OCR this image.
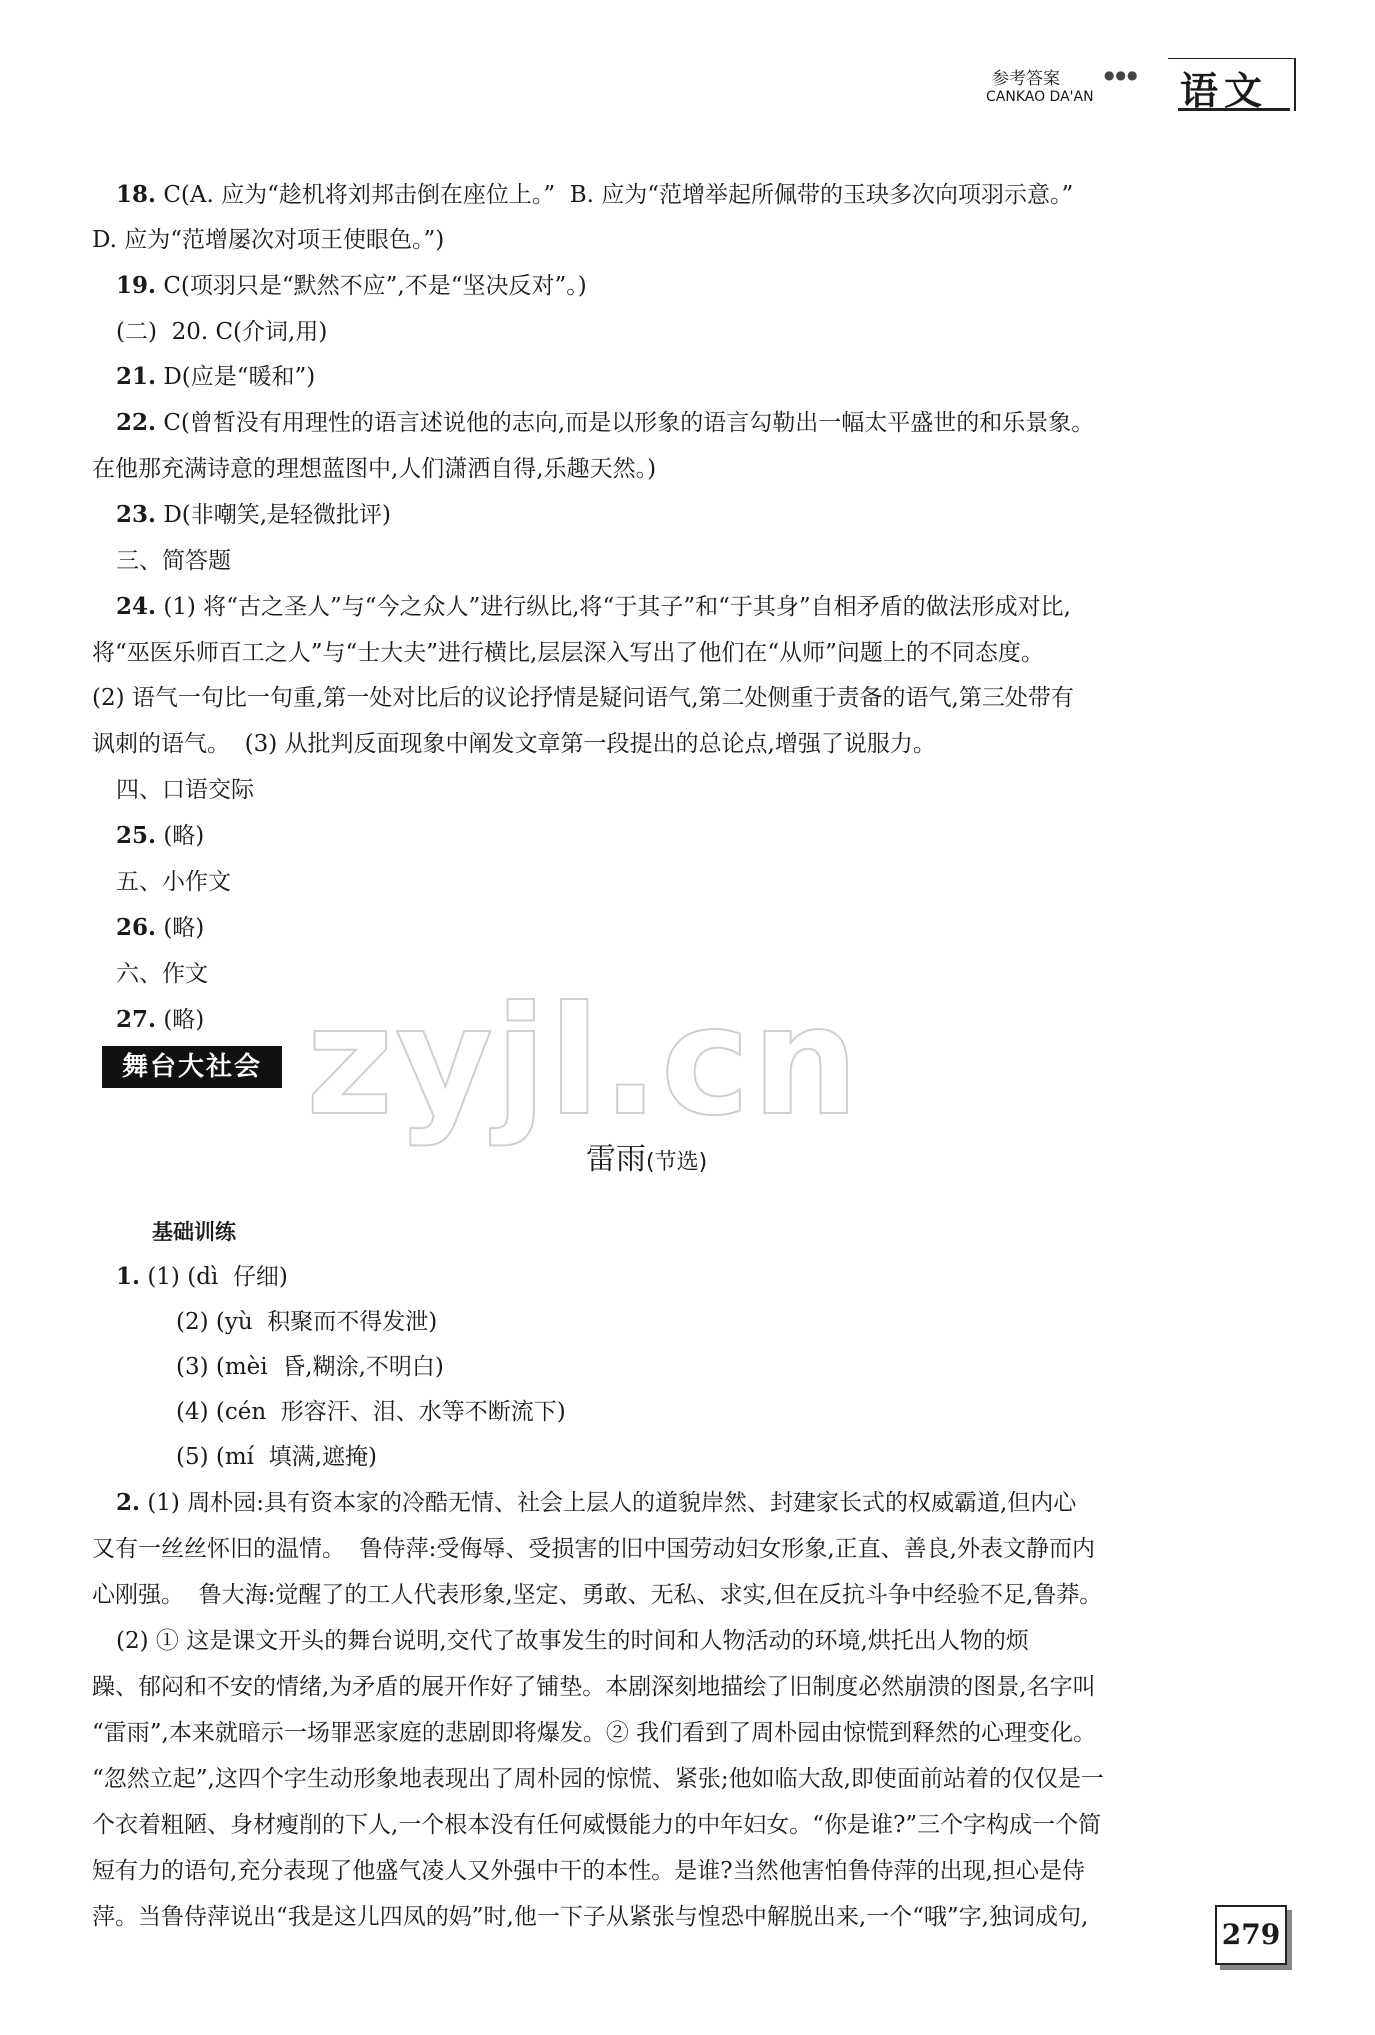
参考答案	●●●
CANKAO DA'AN 语文
18. C(A. 应为“趁机将刘邦击倒在座位上。”  B. 应为“范增举起所佩带的玉玦多次向项羽示意。”
D. 应为“范增屡次对项王使眼色。”)
19. C(项羽只是“默然不应”,不是“坚决反对”。)
(二)  20. C(介词,用)
21. D(应是“暖和”)
22. C(曾皙没有用理性的语言述说他的志向,而是以形象的语言勾勒出一幅太平盛世的和乐景象。
在他那充满诗意的理想蓝图中,人们潇洒自得,乐趣天然。)
23. D(非嘲笑,是轻微批评)
三、简答题
24. (1) 将“古之圣人”与“今之众人”进行纵比,将“于其子”和“于其身”自相矛盾的做法形成对比,
将“巫医乐师百工之人”与“士大夫”进行横比,层层深入写出了他们在“从师”问题上的不同态度。
(2) 语气一句比一句重,第一处对比后的议论抒情是疑问语气,第二处侧重于责备的语气,第三处带有
讽刺的语气。  (3) 从批判反面现象中阐发文章第一段提出的总论点,增强了说服力。
四、口语交际
25. (略)
五、小作文
26. (略)
六、作文
27. (略)
舞台大社会
雷雨(节选)
基础训练
1. (1) (dì  仔细)
(2) (yù  积聚而不得发泄)
(3) (mèi  昏,糊涂,不明白)
(4) (cén  形容汗、泪、水等不断流下)
(5) (mí  填满,遮掩)
2. (1) 周朴园:具有资本家的冷酷无情、社会上层人的道貌岸然、封建家长式的权威霸道,但内心
又有一丝丝怀旧的温情。  鲁侍萍:受侮辱、受损害的旧中国劳动妇女形象,正直、善良,外表文静而内
心刚强。  鲁大海:觉醒了的工人代表形象,坚定、勇敢、无私、求实,但在反抗斗争中经验不足,鲁莽。
(2) ① 这是课文开头的舞台说明,交代了故事发生的时间和人物活动的环境,烘托出人物的烦
躁、郁闷和不安的情绪,为矛盾的展开作好了铺垫。本剧深刻地描绘了旧制度必然崩溃的图景,名字叫
“雷雨”,本来就暗示一场罪恶家庭的悲剧即将爆发。② 我们看到了周朴园由惊慌到释然的心理变化。
“忽然立起”,这四个字生动形象地表现出了周朴园的惊慌、紧张;他如临大敌,即使面前站着的仅仅是一
个衣着粗陋、身材瘦削的下人,一个根本没有任何威慑能力的中年妇女。“你是谁?”三个字构成一个简
短有力的语句,充分表现了他盛气凌人又外强中干的本性。是谁?当然他害怕鲁侍萍的出现,担心是侍
萍。当鲁侍萍说出“我是这儿四凤的妈”时,他一下子从紧张与惶恐中解脱出来,一个“哦”字,独词成句,
zyjl.cn
279
